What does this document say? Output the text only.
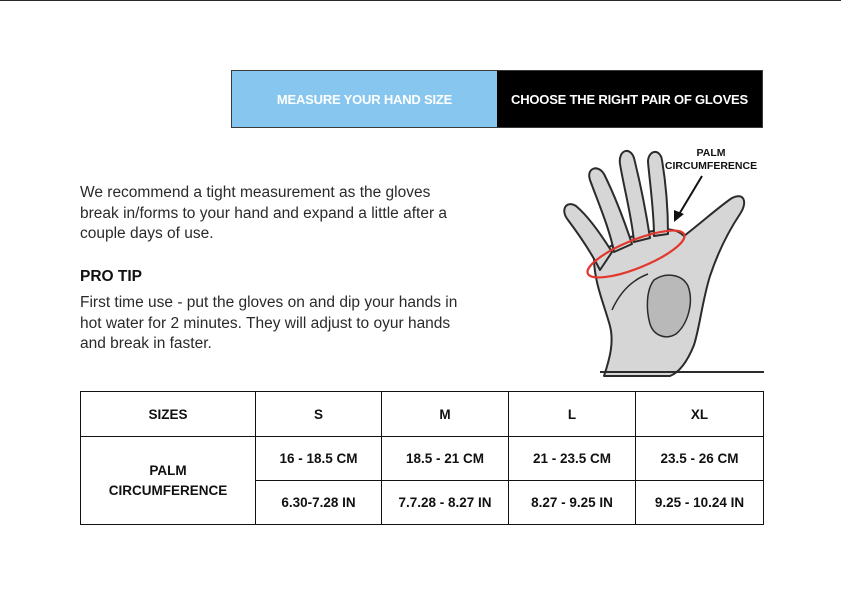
MEASURE YOUR HAND SIZE	CHOOSE THE RIGHT PAIR OF GLOVES

We recommend a tight measurement as the gloves break in/forms to your hand and expand a little after a couple days of use.

PRO TIP

First time use - put the gloves on and dip your hands in hot water for 2 minutes. They will adjust to oyur hands and break in faster.

PALM
CIRCUMFERENCE
SIZES	S	M	L	XL
PALM
CIRCUMFERENCE	16 - 18.5 CM	18.5 - 21 CM	21 - 23.5 CM	23.5 - 26 CM
	6.30-7.28 IN	7.7.28 - 8.27 IN	8.27 - 9.25 IN	9.25 - 10.24 IN
